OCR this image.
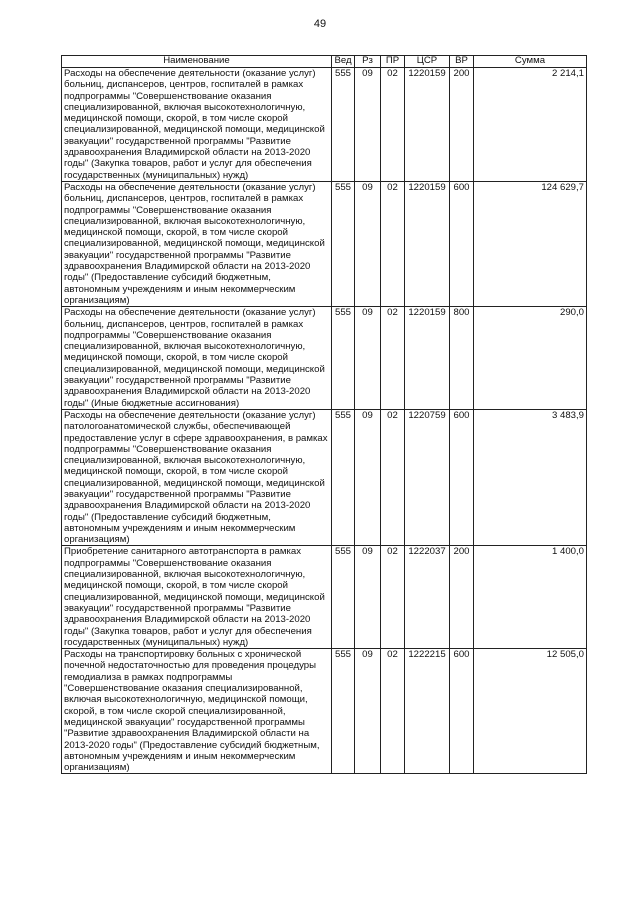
49
Наименование	Вед	Рз	ПР	ЦСР	ВР	Сумма
Расходы на обеспечение деятельности (оказание услуг) больниц, диспансеров, центров, госпиталей в рамках подпрограммы "Совершенствование оказания специализированной, включая высокотехнологичную, медицинской помощи, скорой, в том числе скорой специализированной, медицинской помощи, медицинской эвакуации" государственной программы "Развитие здравоохранения Владимирской области на 2013-2020 годы" (Закупка товаров, работ и услуг для обеспечения государственных (муниципальных) нужд)	555	09	02	1220159	200	2 214,1
Расходы на обеспечение деятельности (оказание услуг) больниц, диспансеров, центров, госпиталей в рамках подпрограммы "Совершенствование оказания специализированной, включая высокотехнологичную, медицинской помощи, скорой, в том числе скорой специализированной, медицинской помощи, медицинской эвакуации" государственной программы "Развитие здравоохранения Владимирской области на 2013-2020 годы" (Предоставление субсидий бюджетным, автономным учреждениям и иным некоммерческим организациям)	555	09	02	1220159	600	124 629,7
Расходы на обеспечение деятельности (оказание услуг) больниц, диспансеров, центров, госпиталей в рамках подпрограммы "Совершенствование оказания специализированной, включая высокотехнологичную, медицинской помощи, скорой, в том числе скорой специализированной, медицинской помощи, медицинской эвакуации" государственной программы "Развитие здравоохранения Владимирской области на 2013-2020 годы" (Иные бюджетные ассигнования)	555	09	02	1220159	800	290,0
Расходы на обеспечение деятельности (оказание услуг) патологоанатомической службы, обеспечивающей предоставление услуг в сфере здравоохранения, в рамках подпрограммы "Совершенствование оказания специализированной, включая высокотехнологичную, медицинской помощи, скорой, в том числе скорой специализированной, медицинской помощи, медицинской эвакуации" государственной программы "Развитие здравоохранения Владимирской области на 2013-2020 годы" (Предоставление субсидий бюджетным, автономным учреждениям и иным некоммерческим организациям)	555	09	02	1220759	600	3 483,9
Приобретение санитарного автотранспорта в рамках подпрограммы "Совершенствование оказания специализированной, включая высокотехнологичную, медицинской помощи, скорой, в том числе скорой специализированной, медицинской помощи, медицинской эвакуации" государственной программы "Развитие здравоохранения Владимирской области на 2013-2020 годы" (Закупка товаров, работ и услуг для обеспечения государственных (муниципальных) нужд)	555	09	02	1222037	200	1 400,0
Расходы на транспортировку больных с хронической почечной недостаточностью для проведения процедуры гемодиализа в рамках подпрограммы "Совершенствование оказания специализированной, включая высокотехнологичную, медицинской помощи, скорой, в том числе скорой специализированной, медицинской эвакуации" государственной программы "Развитие здравоохранения Владимирской области на 2013-2020 годы" (Предоставление субсидий бюджетным, автономным учреждениям и иным некоммерческим организациям)	555	09	02	1222215	600	12 505,0
